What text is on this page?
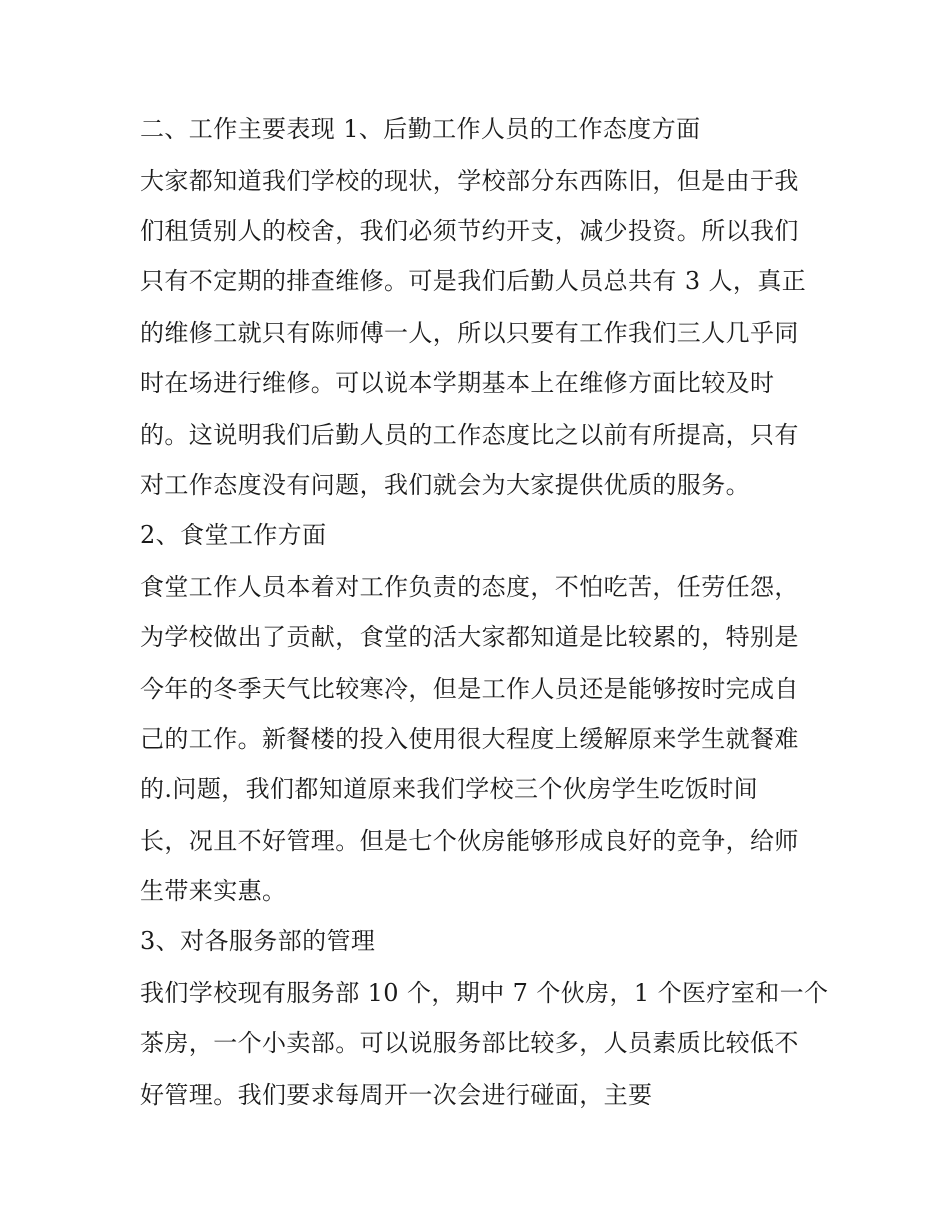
二、工作主要表现 1、后勤工作人员的工作态度方面

大家都知道我们学校的现状，学校部分东西陈旧，但是由于我

们租赁别人的校舍，我们必须节约开支，减少投资。所以我们

只有不定期的排查维修。可是我们后勤人员总共有 3 人，真正

的维修工就只有陈师傅一人，所以只要有工作我们三人几乎同

时在场进行维修。可以说本学期基本上在维修方面比较及时

的。这说明我们后勤人员的工作态度比之以前有所提高，只有

对工作态度没有问题，我们就会为大家提供优质的服务。

2、食堂工作方面

食堂工作人员本着对工作负责的态度，不怕吃苦，任劳任怨，

为学校做出了贡献，食堂的活大家都知道是比较累的，特别是

今年的冬季天气比较寒冷，但是工作人员还是能够按时完成自

己的工作。新餐楼的投入使用很大程度上缓解原来学生就餐难

的.问题，我们都知道原来我们学校三个伙房学生吃饭时间

长，况且不好管理。但是七个伙房能够形成良好的竞争，给师

生带来实惠。

3、对各服务部的管理

我们学校现有服务部 10 个，期中 7 个伙房，1 个医疗室和一个

茶房，一个小卖部。可以说服务部比较多，人员素质比较低不

好管理。我们要求每周开一次会进行碰面，主要
